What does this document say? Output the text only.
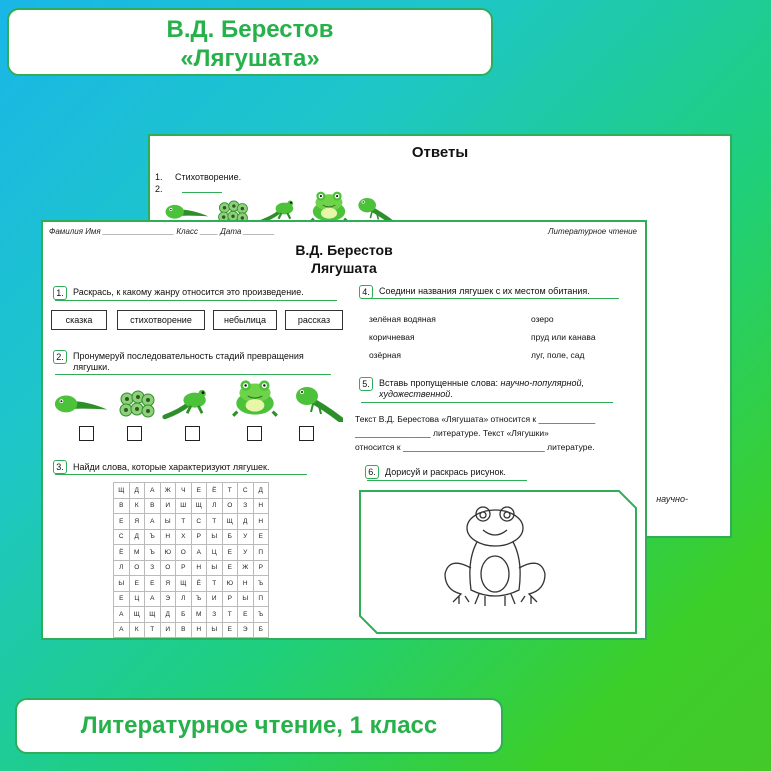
В.Д. Берестов
«Лягушата»
Ответы
1. Стихотворение.
2.
научно-
Фамилия Имя ________________ Класс ____ Дата _______	Литературное чтение
В.Д. Берестов
Лягушата
1.	Раскрась, к какому жанру относится это произведение.
сказка	стихотворение	небылица	рассказ
2.	Пронумеруй последовательность стадий превращения лягушки.
3.	Найди слова, которые характеризуют лягушек.
Щ	Д	А	Ж	Ч	Е	Ё	Т	С	Д
В	К	В	И	Ш	Щ	Л	О	З	Н
Е	Я	А	Ы	Т	С	Т	Щ	Д	Н
С	Д	Ъ	Н	Х	Р	Ы	Б	У	Е
Ё	М	Ъ	Ю	О	А	Ц	Е	У	П
Л	О	З	О	Р	Н	Ы	Е	Ж	Р
Ы	Е	Е	Я	Щ	Ё	Т	Ю	Н	Ъ
Е	Ц	А	Э	Л	Ъ	И	Р	Ы	П
А	Щ	Щ	Д	Б	М	З	Т	Е	Ъ
А	К	Т	И	В	Н	Ы	Е	Э	Б
4.	Соедини названия лягушек с их местом обитания.
зелёная водяная
коричневая
озёрная
озеро
пруд или канава
луг, поле, сад
5.	Вставь пропущенные слова: научно-популярной, художественной.
Текст В.Д. Берестова «Лягушата» относится к ____________
________________ литературе. Текст «Лягушки»
относится к ______________________________ литературе.
6.	Дорисуй и раскрась рисунок.
Литературное чтение, 1 класс
